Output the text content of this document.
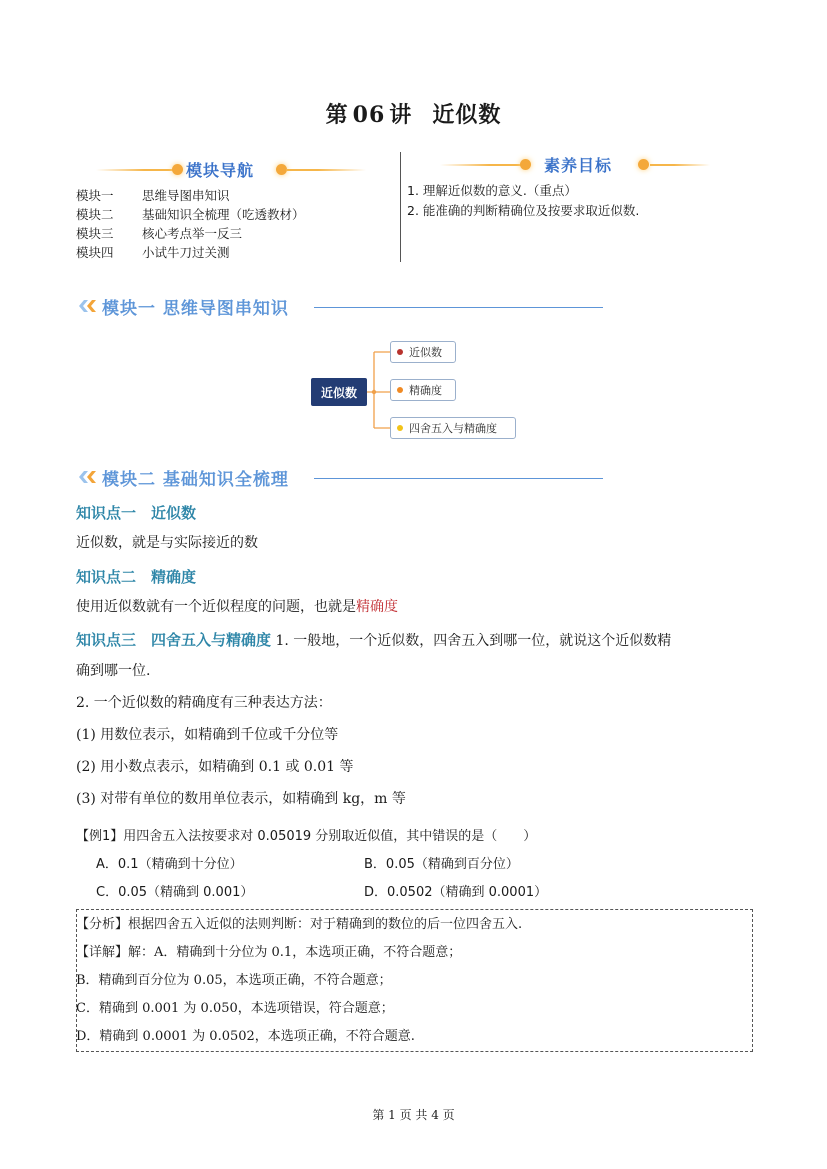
第 06 讲 近似数
模块导航
模块一 思维导图串知识
模块二 基础知识全梳理（吃透教材）
模块三 核心考点举一反三
模块四 小试牛刀过关测
素养目标
1. 理解近似数的意义.（重点）
2. 能准确的判断精确位及按要求取近似数.
模块一 思维导图串知识
近似数
近似数
精确度
四舍五入与精确度
模块二 基础知识全梳理
知识点一　近似数
近似数，就是与实际接近的数
知识点二　精确度
使用近似数就有一个近似程度的问题，也就是精确度
知识点三　四舍五入与精确度 1. 一般地，一个近似数，四舍五入到哪一位，就说这个近似数精
确到哪一位.
2. 一个近似数的精确度有三种表达方法：
(1) 用数位表示，如精确到千位或千分位等
(2) 用小数点表示，如精确到 0.1 或 0.01 等
(3) 对带有单位的数用单位表示，如精确到 kg，m 等
【例1】用四舍五入法按要求对 0.05019 分别取近似值，其中错误的是（　　）
A．0.1（精确到十分位）	B．0.05（精确到百分位）
C．0.05（精确到 0.001）	D．0.0502（精确到 0.0001）
【分析】根据四舍五入近似的法则判断：对于精确到的数位的后一位四舍五入.
【详解】解：A．精确到十分位为 0.1，本选项正确，不符合题意；
B．精确到百分位为 0.05，本选项正确，不符合题意；
C．精确到 0.001 为 0.050，本选项错误，符合题意；
D．精确到 0.0001 为 0.0502，本选项正确，不符合题意.
第 1 页 共 4 页
